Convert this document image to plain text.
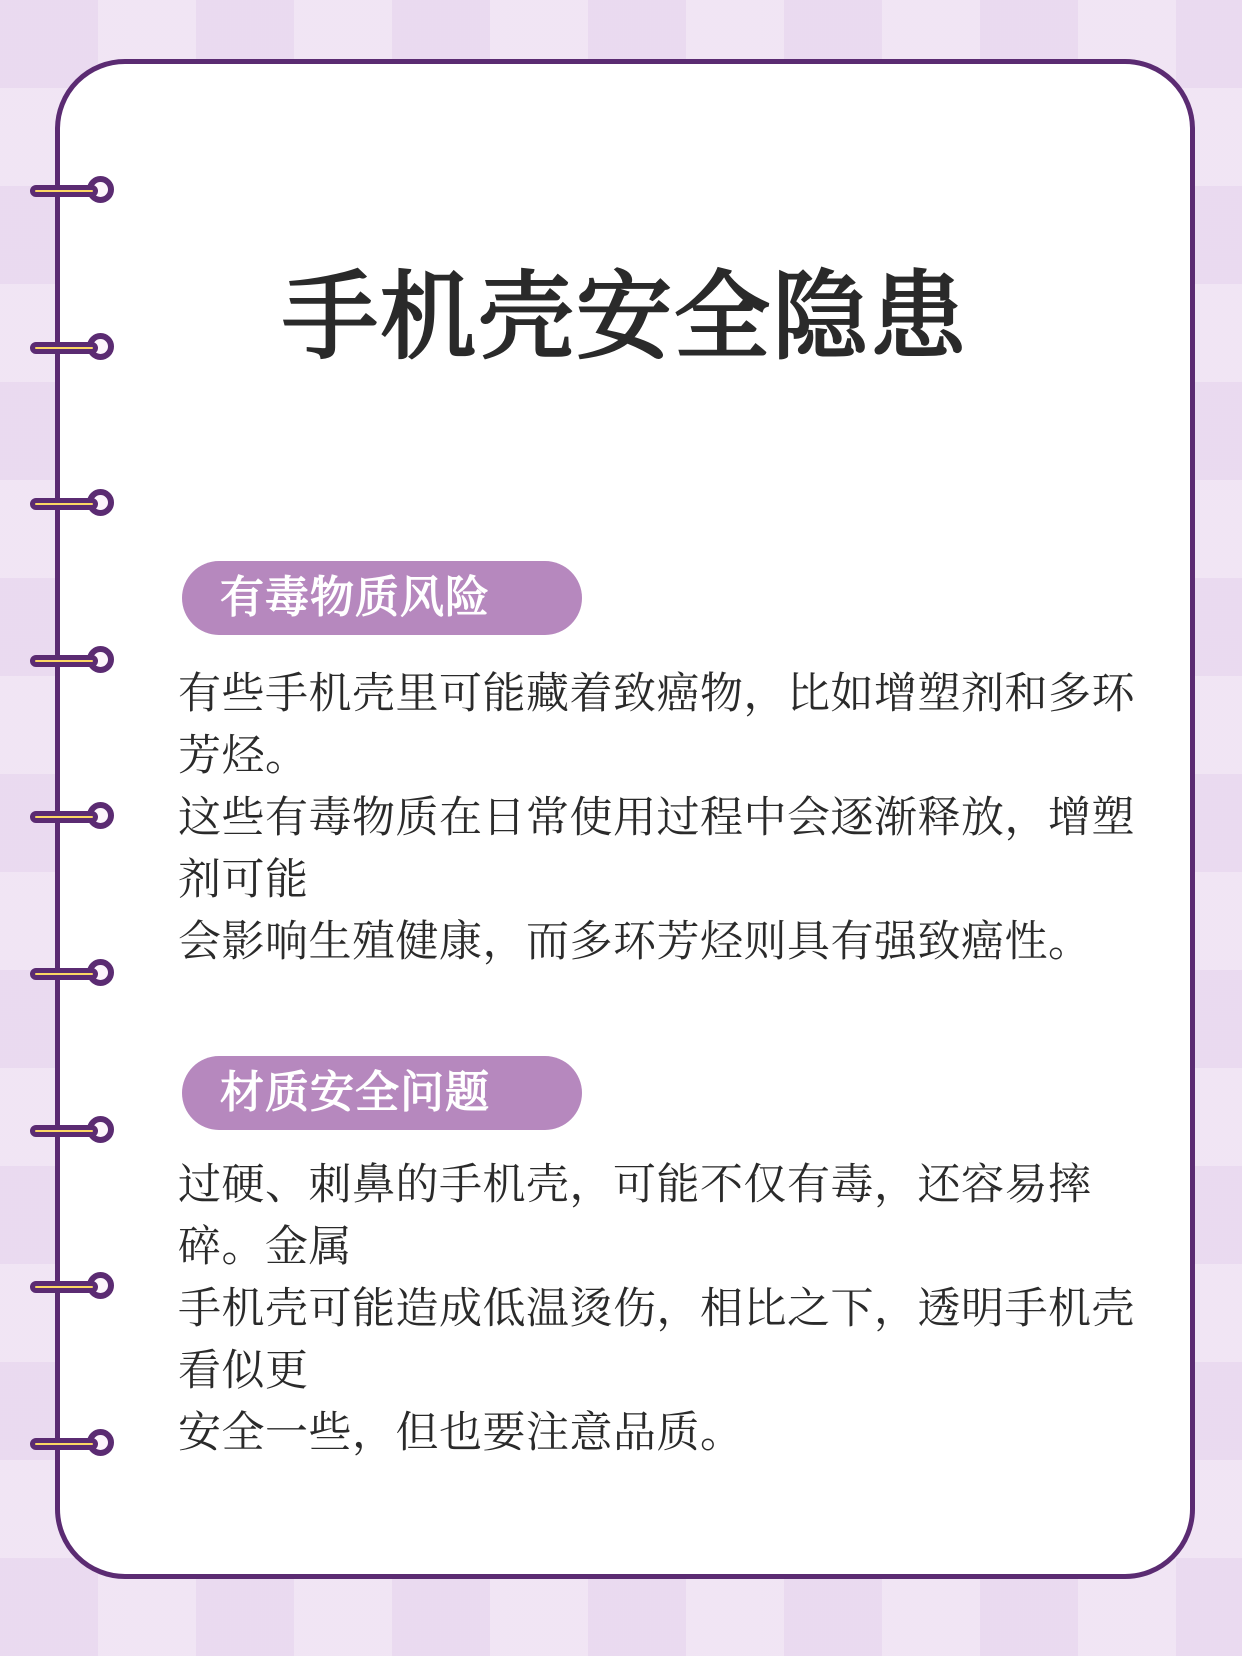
手机壳安全隐患
有毒物质风险
有些手机壳里可能藏着致癌物，比如增塑剂和多环芳烃。
这些有毒物质在日常使用过程中会逐渐释放，增塑剂可能
会影响生殖健康，而多环芳烃则具有强致癌性。
材质安全问题
过硬、刺鼻的手机壳，可能不仅有毒，还容易摔碎。金属
手机壳可能造成低温烫伤，相比之下，透明手机壳看似更
安全一些，但也要注意品质。
